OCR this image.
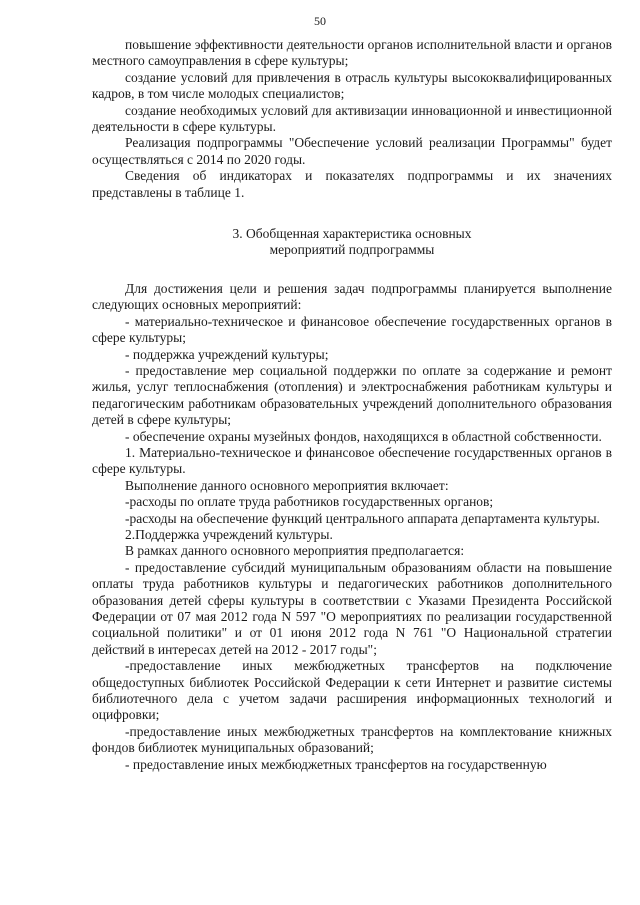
50

повышение эффективности деятельности органов исполнительной власти и органов местного самоуправления в сфере культуры;

создание условий для привлечения в отрасль культуры высококвалифицированных кадров, в том числе молодых специалистов;

создание необходимых условий для активизации инновационной и инвестиционной деятельности в сфере культуры.

Реализация подпрограммы "Обеспечение условий реализации Программы" будет осуществляться с 2014 по 2020 годы.

Сведения об индикаторах и показателях подпрограммы и их значениях представлены в таблице 1.

3. Обобщенная характеристика основных
мероприятий подпрограммы

Для достижения цели и решения задач подпрограммы планируется выполнение следующих основных мероприятий:

- материально-техническое и финансовое обеспечение государственных органов в сфере культуры;

- поддержка учреждений культуры;

- предоставление мер социальной поддержки по оплате за содержание и ремонт жилья, услуг теплоснабжения (отопления) и электроснабжения работникам культуры и педагогическим работникам образовательных учреждений дополнительного образования детей в сфере культуры;

- обеспечение охраны музейных фондов, находящихся в областной собственности.

1. Материально-техническое и финансовое обеспечение государственных органов в сфере культуры.

Выполнение данного основного мероприятия включает:

-расходы по оплате труда работников государственных органов;

-расходы на обеспечение функций центрального аппарата департамента культуры.

2.Поддержка учреждений культуры.

В рамках данного основного мероприятия предполагается:

- предоставление субсидий муниципальным образованиям области на повышение оплаты труда работников культуры и педагогических работников дополнительного образования детей сферы культуры в соответствии с Указами Президента Российской Федерации от 07 мая 2012 года N 597 "О мероприятиях по реализации государственной социальной политики" и от 01 июня 2012 года N 761 "О Национальной стратегии действий в интересах детей на 2012 - 2017 годы";

-предоставление иных межбюджетных трансфертов на подключение общедоступных библиотек Российской Федерации к сети Интернет и развитие системы библиотечного дела с учетом задачи расширения информационных технологий и оцифровки;

-предоставление иных межбюджетных трансфертов на комплектование книжных фондов библиотек муниципальных образований;

- предоставление иных межбюджетных трансфертов на государственную
